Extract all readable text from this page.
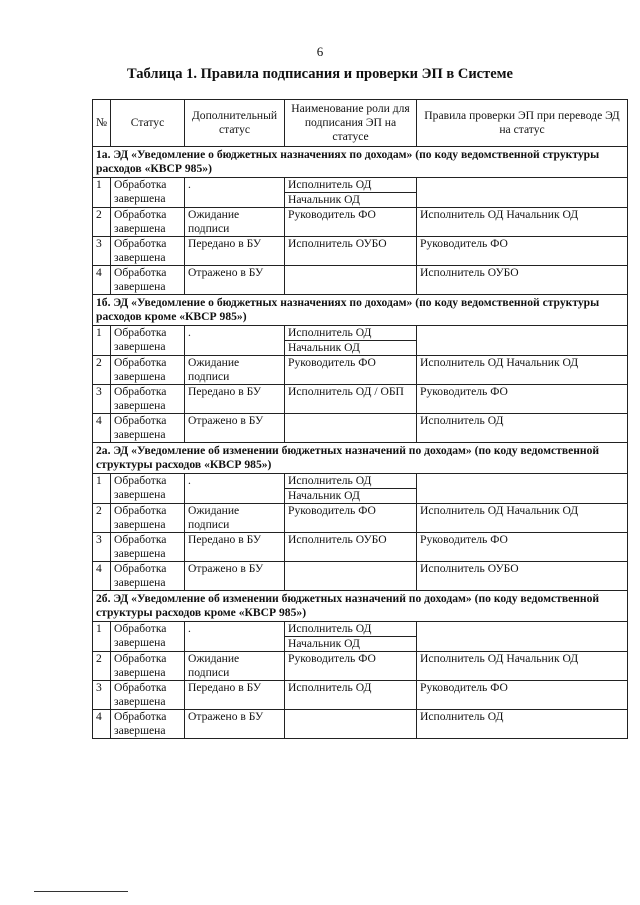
6
Таблица 1. Правила подписания и проверки ЭП в Системе
№	Статус	Дополнительный статус	Наименование роли для подписания ЭП на статусе	Правила проверки ЭП при переводе ЭД на статус
1а. ЭД «Уведомление о бюджетных назначениях по доходам» (по коду ведомственной структуры расходов «КВСР 985»)				
1	Обработка завершена	.	Исполнитель ОД
Начальник ОД	

2	Обработка завершена	Ожидание подписи	Руководитель ФО	Исполнитель ОД Начальник ОД
3	Обработка завершена	Передано в БУ	Исполнитель ОУБО	Руководитель ФО
4	Обработка завершена	Отражено в БУ		Исполнитель ОУБО
1б. ЭД «Уведомление о бюджетных назначениях по доходам» (по коду ведомственной структуры расходов кроме «КВСР 985»)				
1	Обработка завершена	.	Исполнитель ОД
Начальник ОД	

2	Обработка завершена	Ожидание подписи	Руководитель ФО	Исполнитель ОД Начальник ОД
3	Обработка завершена	Передано в БУ	Исполнитель ОД / ОБП	Руководитель ФО
4	Обработка завершена	Отражено в БУ		Исполнитель ОД
2а. ЭД «Уведомление об изменении бюджетных назначений по доходам» (по коду ведомственной структуры расходов «КВСР 985»)				
1	Обработка завершена	.	Исполнитель ОД
Начальник ОД	

2	Обработка завершена	Ожидание подписи	Руководитель ФО	Исполнитель ОД Начальник ОД
3	Обработка завершена	Передано в БУ	Исполнитель ОУБО	Руководитель ФО
4	Обработка завершена	Отражено в БУ		Исполнитель ОУБО
2б. ЭД «Уведомление об изменении бюджетных назначений по доходам» (по коду ведомственной структуры расходов кроме «КВСР 985»)				
1	Обработка завершена	.	Исполнитель ОД
Начальник ОД	

2	Обработка завершена	Ожидание подписи	Руководитель ФО	Исполнитель ОД Начальник ОД
3	Обработка завершена	Передано в БУ	Исполнитель ОД	Руководитель ФО
4	Обработка завершена	Отражено в БУ		Исполнитель ОД
